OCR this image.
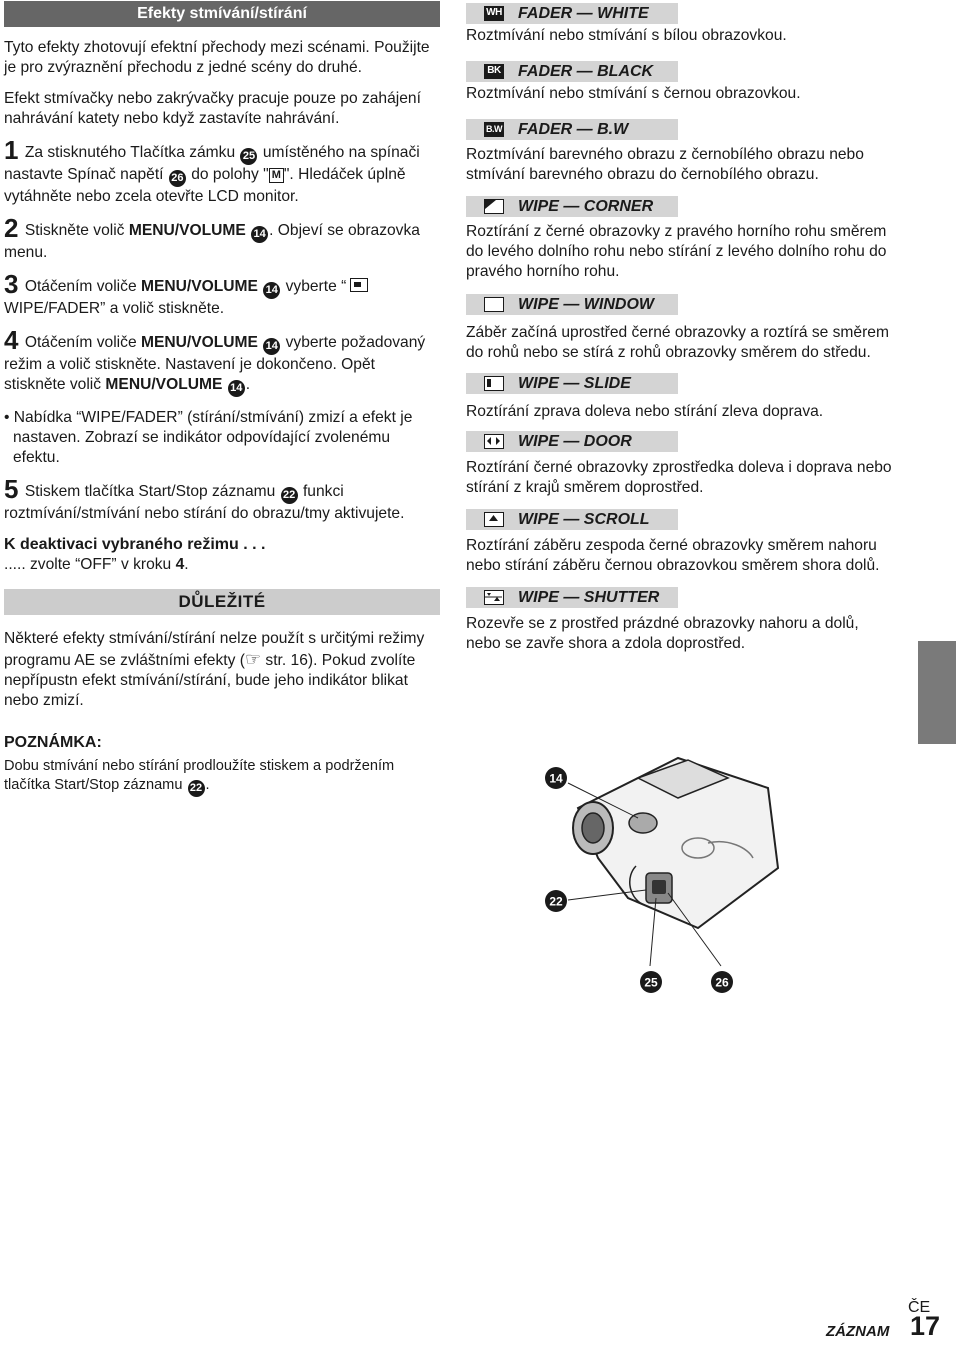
Efekty stmívání/stírání

Tyto efekty zhotovují efektní přechody mezi scénami. Použijte je pro zvýraznění přechodu z jedné scény do druhé.

Efekt stmívačky nebo zakrývačky pracuje pouze po zahájení nahrávání katety nebo když zastavíte nahrávání.

1 Za stisknutého Tlačítka zámku 25 umístěného na spínači nastavte Spínač napětí 26 do polohy " M ". Hledáček úplně vytáhněte nebo zcela otevřte LCD monitor.

2 Stiskněte volič MENU/VOLUME 14 . Objeví se obrazovka menu.

3 Otáčením voliče MENU/VOLUME 14 vyberte “
WIPE/FADER” a volič stiskněte.

4 Otáčením voliče MENU/VOLUME 14 vyberte požadovaný režim a volič stiskněte. Nastavení je dokončeno. Opět stiskněte volič MENU/VOLUME 14 .

• Nabídka “WIPE/FADER” (stírání/stmívání) zmizí a efekt je nastaven. Zobrazí se indikátor odpovídající zvolenému efektu.

5 Stiskem tlačítka Start/Stop záznamu 22 funkci roztmívání/stmívání nebo stírání do obrazu/tmy aktivujete.

K deaktivaci vybraného režimu . . .

..... zvolte “OFF” v kroku 4.

DŮLEŽITÉ

Některé efekty stmívání/stírání nelze použít s určitými režimy programu AE se zvláštními efekty (☞ str. 16). Pokud zvolíte nepřípustn efekt stmívání/stírání, bude jeho indikátor blikat nebo zmizí.

POZNÁMKA:

Dobu stmívání nebo stírání prodloužíte stiskem a podržením tlačítka Start/Stop záznamu 22 .

WH FADER — WHITE

Roztmívání nebo stmívání s bílou obrazovkou.

BK FADER — BLACK

Roztmívání nebo stmívání s černou obrazovkou.

B.W FADER — B.W

Roztmívání barevného obrazu z černobílého obrazu nebo stmívání barevného obrazu do černobílého obrazu.

WIPE — CORNER

Roztírání z černé obrazovky z pravého horního rohu směrem do levého dolního rohu nebo stírání z levého dolního rohu do pravého horního rohu.

WIPE — WINDOW

Záběr začíná uprostřed černé obrazovky a roztírá se směrem do rohů nebo se stírá z rohů obrazovky směrem do středu.

WIPE — SLIDE

Roztírání zprava doleva nebo stírání zleva doprava.

WIPE — DOOR

Roztírání černé obrazovky zprostředka doleva i doprava nebo stírání z krajů směrem doprostřed.

WIPE — SCROLL

Roztírání záběru zespoda černé obrazovky směrem nahoru nebo stírání záběru černou obrazovkou směrem shora dolů.

WIPE — SHUTTER

Rozevře se z prostřed prázdné obrazovky nahoru a dolů, nebo se zavře shora a zdola doprostřed.

14
22
25	26
ČE
ZÁZNAM 17
